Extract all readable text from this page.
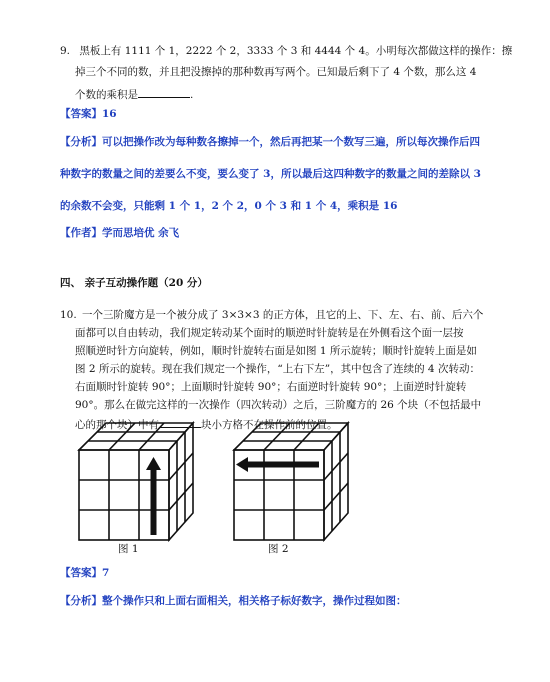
9. 黑板上有 1111 个 1，2222 个 2，3333 个 3 和 4444 个 4。小明每次都做这样的操作：擦
掉三个不同的数，并且把没擦掉的那种数再写两个。已知最后剩下了 4 个数，那么这 4
个数的乘积是	.
【答案】16
【分析】可以把操作改为每种数各擦掉一个，然后再把某一个数写三遍，所以每次操作后四
种数字的数量之间的差要么不变，要么变了 3，所以最后这四种数字的数量之间的差除以 3
的余数不会变，只能剩 1 个 1，2 个 2，0 个 3 和 1 个 4，乘积是 16
【作者】学而思培优 余飞
四、 亲子互动操作题（20 分）
10. 一个三阶魔方是一个被分成了 3×3×3 的正方体，且它的上、下、左、右、前、后六个
面都可以自由转动，我们规定转动某个面时的顺逆时针旋转是在外侧看这个面一层按
照顺逆时针方向旋转，例如，顺时针旋转右面是如图 1 所示旋转；顺时针旋转上面是如
图 2 所示的旋转。现在我们规定一个操作，“上右下左”，其中包含了连续的 4 次转动：
右面顺时针旋转 90°；上面顺时针旋转 90°；右面逆时针旋转 90°；上面逆时针旋转
90°。那么在做完这样的一次操作（四次转动）之后，三阶魔方的 26 个块（不包括最中
心的那个块）中有	块小方格不在操作前的位置。
图 1	图 2
【答案】7
【分析】整个操作只和上面右面相关，相关格子标好数字，操作过程如图：
